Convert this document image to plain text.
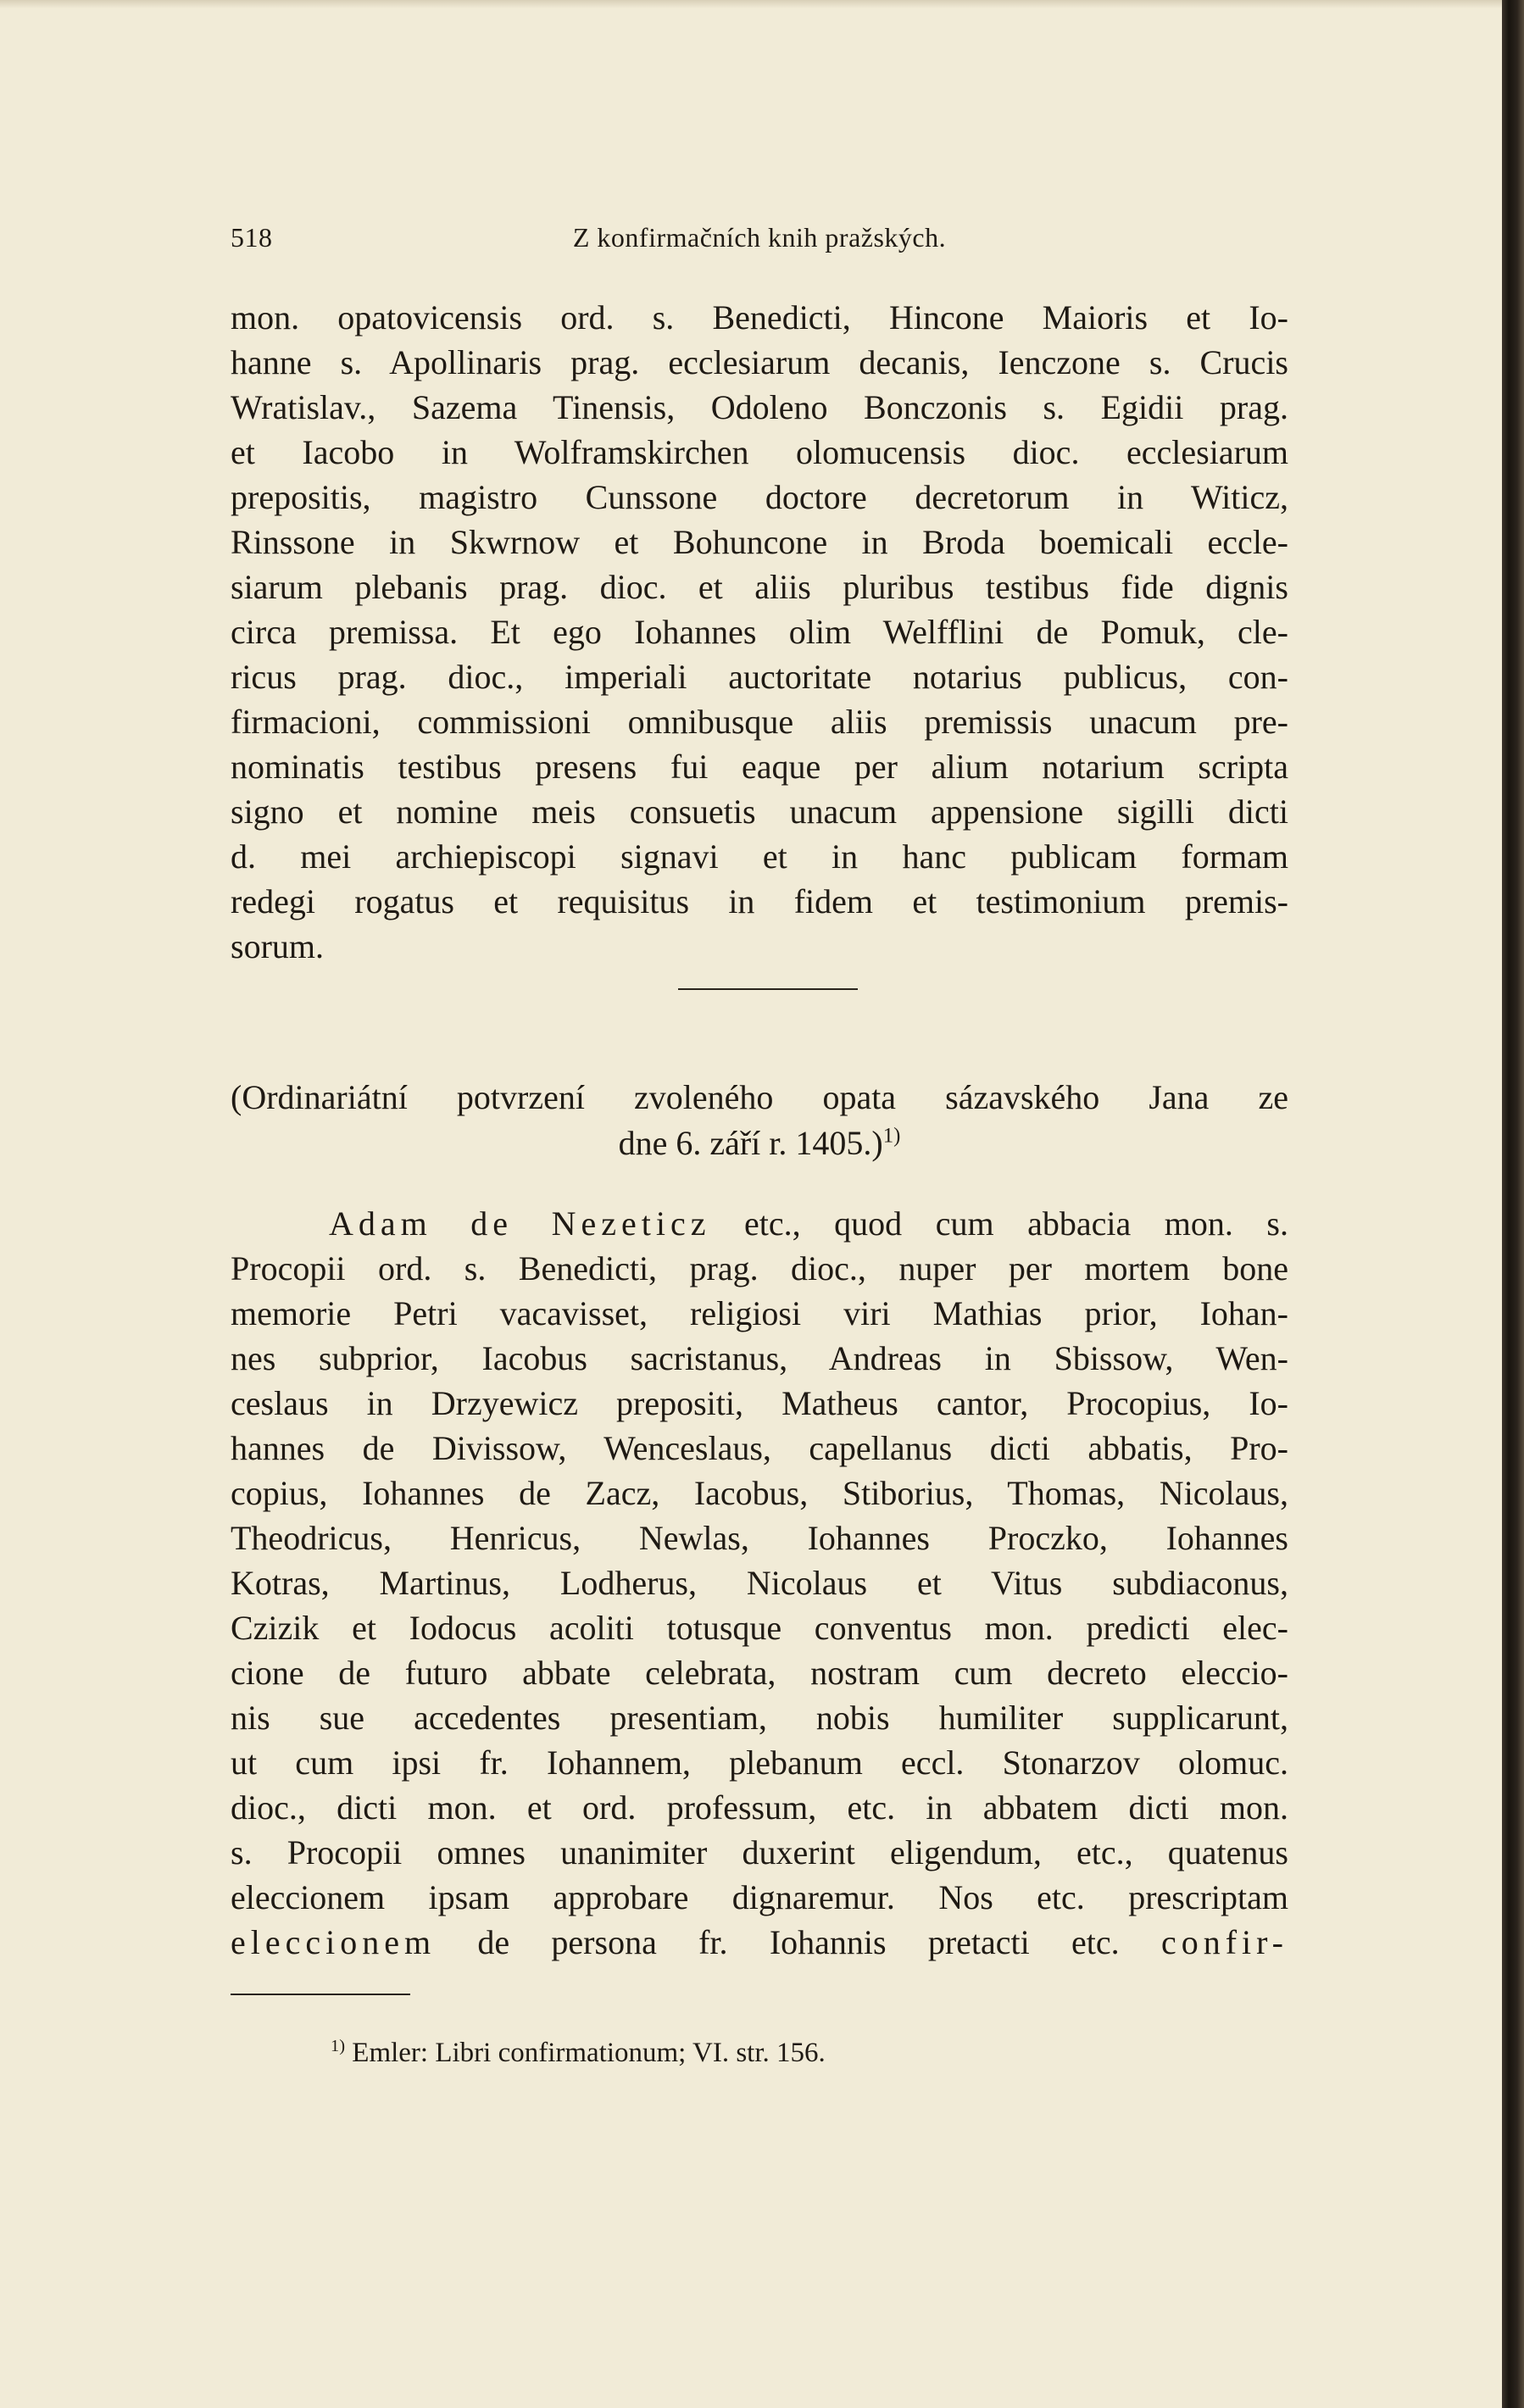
518	Z konfirmačních knih pražských.
mon. opatovicensis ord. s. Benedicti, Hincone Maioris et Io-
hanne s. Apollinaris prag. ecclesiarum decanis, Ienczone s. Crucis
Wratislav., Sazema Tinensis, Odoleno Bonczonis s. Egidii prag.
et Iacobo in Wolframskirchen olomucensis dioc. ecclesiarum
prepositis, magistro Cunssone doctore decretorum in Witicz,
Rinssone in Skwrnow et Bohuncone in Broda boemicali eccle-
siarum plebanis prag. dioc. et aliis pluribus testibus fide dignis
circa premissa. Et ego Iohannes olim Welfflini de Pomuk, cle-
ricus prag. dioc., imperiali auctoritate notarius publicus, con-
firmacioni, commissioni omnibusque aliis premissis unacum pre-
nominatis testibus presens fui eaque per alium notarium scripta
signo et nomine meis consuetis unacum appensione sigilli dicti
d. mei archiepiscopi signavi et in hanc publicam formam
redegi rogatus et requisitus in fidem et testimonium premis-
sorum.
(Ordinariátní potvrzení zvoleného opata sázavského Jana ze
dne 6. září r. 1405.)$^{1)}$
Adam de Nezeticz etc., quod cum abbacia mon. s.
Procopii ord. s. Benedicti, prag. dioc., nuper per mortem bone
memorie Petri vacavisset, religiosi viri Mathias prior, Iohan-
nes subprior, Iacobus sacristanus, Andreas in Sbissow, Wen-
ceslaus in Drzyewicz prepositi, Matheus cantor, Procopius, Io-
hannes de Divissow, Wenceslaus, capellanus dicti abbatis, Pro-
copius, Iohannes de Zacz, Iacobus, Stiborius, Thomas, Nicolaus,
Theodricus, Henricus, Newlas, Iohannes Proczko, Iohannes
Kotras, Martinus, Lodherus, Nicolaus et Vitus subdiaconus,
Czizik et Iodocus acoliti totusque conventus mon. predicti elec-
cione de futuro abbate celebrata, nostram cum decreto eleccio-
nis sue accedentes presentiam, nobis humiliter supplicarunt,
ut cum ipsi fr. Iohannem, plebanum eccl. Stonarzov olomuc.
dioc., dicti mon. et ord. professum, etc. in abbatem dicti mon.
s. Procopii omnes unanimiter duxerint eligendum, etc., quatenus
eleccionem ipsam approbare dignaremur. Nos etc. prescriptam
eleccionem de persona fr. Iohannis pretacti etc. confir-
$^{1)}$ Emler: Libri confirmationum; VI. str. 156.
